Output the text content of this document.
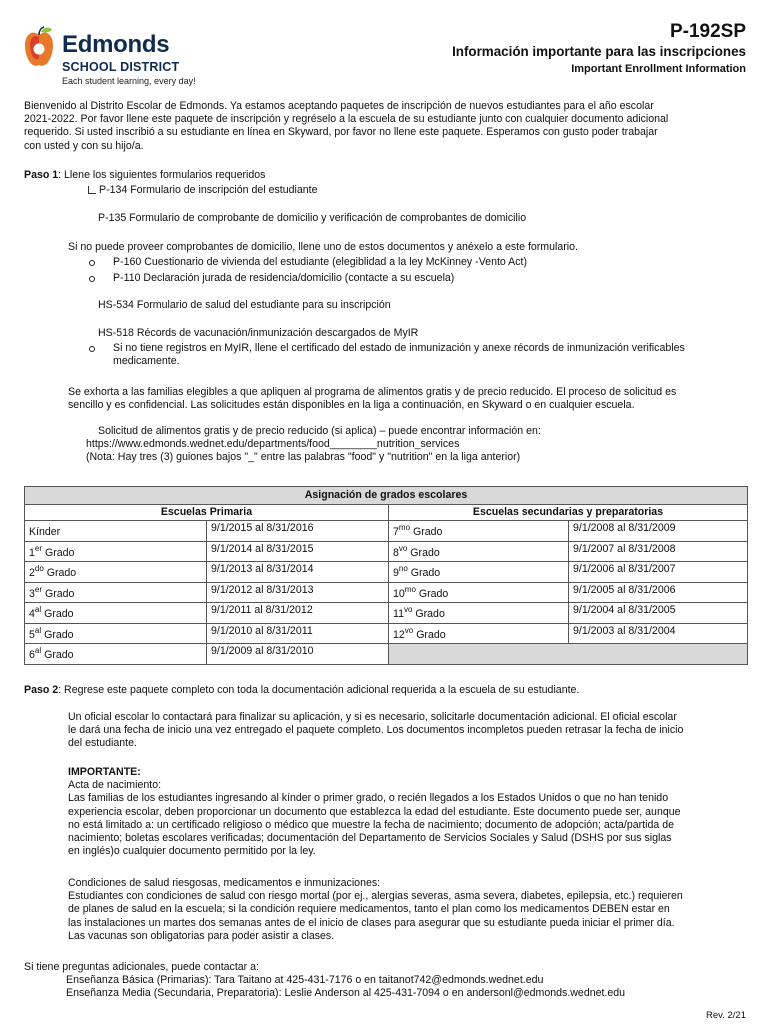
Edmonds
SCHOOL DISTRICT
Each student learning, every day!
P-192SP
Información importante para las inscripciones
Important Enrollment Information
Bienvenido al Distrito Escolar de Edmonds. Ya estamos aceptando paquetes de inscripción de nuevos estudiantes para el año escolar
2021-2022. Por favor llene este paquete de inscripción y regréselo a la escuela de su estudiante junto con cualquier documento adicional
requerido. Si usted inscribió a su estudiante en línea en Skyward, por favor no llene este paquete. Esperamos con gusto poder trabajar
con usted y con su hijo/a.
Paso 1: Llene los siguientes formularios requeridos
P-134 Formulario de inscripción del estudiante
P-135 Formulario de comprobante de domicilio y verificación de comprobantes de domicilio
Si no puede proveer comprobantes de domicilio, llene uno de estos documentos y anéxelo a este formulario.
P-160 Cuestionario de vivienda del estudiante (elegiblidad a la ley McKinney -Vento Act)
P-110 Declaración jurada de residencia/domicilio (contacte a su escuela)
HS-534 Formulario de salud del estudiante para su inscripción
HS-518 Récords de vacunación/inmunización descargados de MyIR
Si no tiene registros en MyIR, llene el certificado del estado de inmunización y anexe récords de inmunización verificables
medicamente.
Se exhorta a las familias elegibles a que apliquen al programa de alimentos gratis y de precio reducido. El proceso de solicitud es
sencillo y es confidencial. Las solicitudes están disponibles en la liga a continuación, en Skyward o en cualquier escuela.
Solicitud de alimentos gratis y de precio reducido (si aplica) – puede encontrar información en:
https://www.edmonds.wednet.edu/departments/food________nutrition_services
(Nota: Hay tres (3) guiones bajos "_" entre las palabras "food" y "nutrition" en la liga anterior)
Asignación de grados escolares			
Escuelas Primaria		Escuelas secundarias y preparatorias	
Kínder	9/1/2015 al 8/31/2016	$7^{mo}$ Grado	9/1/2008 al 8/31/2009
1er Grado	9/1/2014 al 8/31/2015	$8^{vo}$ Grado	9/1/2007 al 8/31/2008
$2^{do}$ Grado	9/1/2013 al 8/31/2014	$9^{no}$ Grado	9/1/2006 al 8/31/2007
3er Grado	9/1/2012 al 8/31/2013	$10^{mo}$ Grado	9/1/2005 al 8/31/2006
$4^{al}$ Grado	9/1/2011 al 8/31/2012	$11^{vo}$ Grado	9/1/2004 al 8/31/2005
$5^{al}$ Grado	9/1/2010 al 8/31/2011	$12^{vo}$ Grado	9/1/2003 al 8/31/2004
$6^{al}$ Grado	9/1/2009 al 8/31/2010		
Paso 2: Regrese este paquete completo con toda la documentación adicional requerida a la escuela de su estudiante.
Un oficial escolar lo contactará para finalizar su aplicación, y si es necesario, solicitarle documentación adicional. El oficial escolar
le dará una fecha de inicio una vez entregado el paquete completo. Los documentos incompletos pueden retrasar la fecha de inicio
del estudiante.
IMPORTANTE:
Acta de nacimiento:
Las familias de los estudiantes ingresando al kínder o primer grado, o recién llegados a los Estados Unidos o que no han tenido
experiencia escolar, deben proporcionar un documento que establezca la edad del estudiante. Este documento puede ser, aunque
no está limitado a: un certificado religioso o médico que muestre la fecha de nacimiento; documento de adopción; acta/partida de
nacimiento; boletas escolares verificadas; documentación del Departamento de Servicios Sociales y Salud (DSHS por sus siglas
en inglés)o cualquier documento permitido por la ley.
Condiciones de salud riesgosas, medicamentos e inmunizaciones:
Estudiantes con condiciones de salud con riesgo mortal (por ej., alergias severas, asma severa, diabetes, epilepsia, etc.) requieren
de planes de salud en la escuela; si la condición requiere medicamentos, tanto el plan como los medicamentos DEBEN estar en
las instalaciones un martes dos semanas antes de el inicio de clases para asegurar que su estudiante pueda iniciar el primer día.
Las vacunas son obligatorias para poder asistir a clases.
Si tiene preguntas adicionales, puede contactar a:
Enseñanza Básica (Primarias): Tara Taitano at 425-431-7176 o en taitanot742@edmonds.wednet.edu
Enseñanza Media (Secundaria, Preparatoria): Leslie Anderson al 425-431-7094 o en andersonl@edmonds.wednet.edu
Rev. 2/21
